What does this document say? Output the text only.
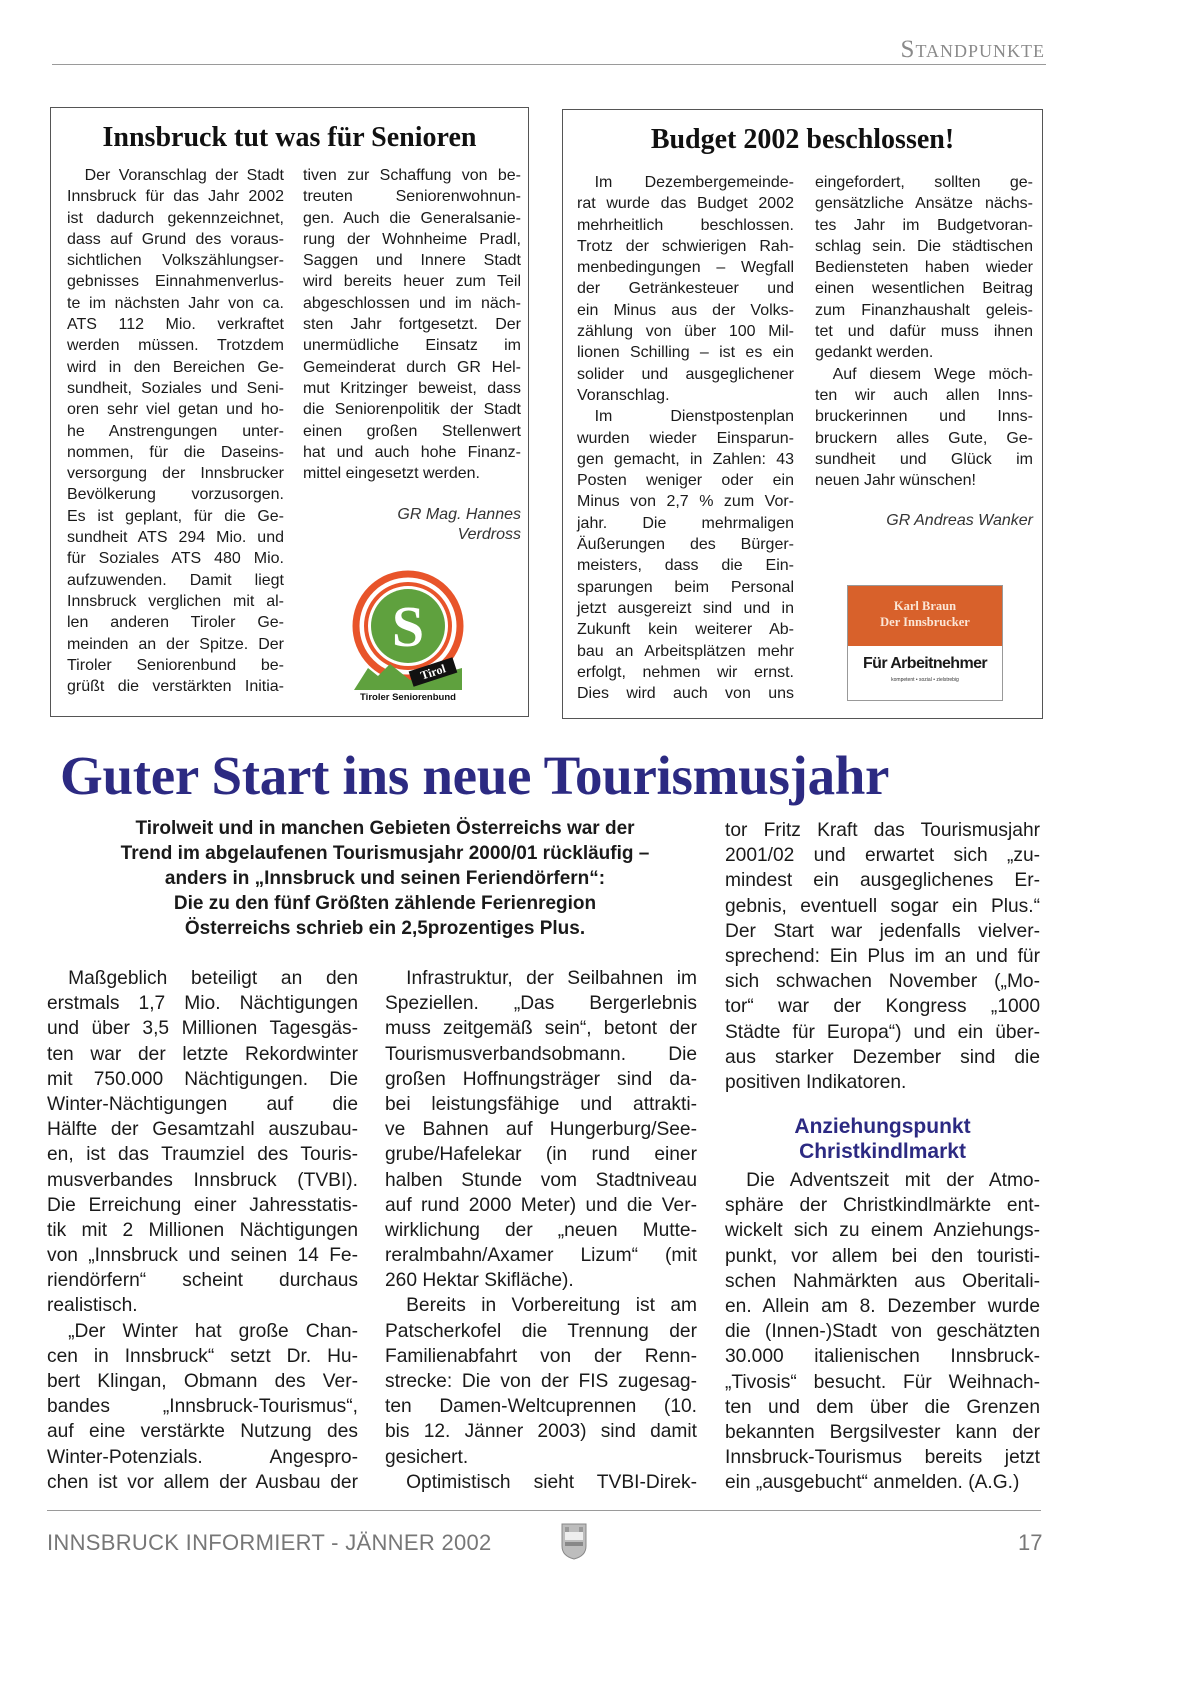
Standpunkte
Innsbruck tut was für Senioren
Der Voranschlag der Stadt
Innsbruck für das Jahr 2002
ist dadurch gekennzeichnet,
dass auf Grund des voraus-
sichtlichen Volkszählungser-
gebnisses Einnahmenverlus-
te im nächsten Jahr von ca.
ATS 112 Mio. verkraftet
werden müssen. Trotzdem
wird in den Bereichen Ge-
sundheit, Soziales und Seni-
oren sehr viel getan und ho-
he Anstrengungen unter-
nommen, für die Daseins-
versorgung der Innsbrucker
Bevölkerung vorzusorgen.
Es ist geplant, für die Ge-
sundheit ATS 294 Mio. und
für Soziales ATS 480 Mio.
aufzuwenden. Damit liegt
Innsbruck verglichen mit al-
len anderen Tiroler Ge-
meinden an der Spitze. Der
Tiroler Seniorenbund be-
grüßt die verstärkten Initia-
tiven zur Schaffung von be-
treuten Seniorenwohnun-
gen. Auch die Generalsanie-
rung der Wohnheime Pradl,
Saggen und Innere Stadt
wird bereits heuer zum Teil
abgeschlossen und im näch-
sten Jahr fortgesetzt. Der
unermüdliche Einsatz im
Gemeinderat durch GR Hel-
mut Kritzinger beweist, dass
die Seniorenpolitik der Stadt
einen großen Stellenwert
hat und auch hohe Finanz-
mittel eingesetzt werden.
GR Mag. Hannes
Verdross
S
Tirol
Tiroler Seniorenbund
Budget 2002 beschlossen!
Im Dezembergemeinde-
rat wurde das Budget 2002
mehrheitlich beschlossen.
Trotz der schwierigen Rah-
menbedingungen – Wegfall
der Getränkesteuer und
ein Minus aus der Volks-
zählung von über 100 Mil-
lionen Schilling – ist es ein
solider und ausgeglichener
Voranschlag.
Im Dienstpostenplan
wurden wieder Einsparun-
gen gemacht, in Zahlen: 43
Posten weniger oder ein
Minus von 2,7 % zum Vor-
jahr. Die mehrmaligen
Äußerungen des Bürger-
meisters, dass die Ein-
sparungen beim Personal
jetzt ausgereizt sind und in
Zukunft kein weiterer Ab-
bau an Arbeitsplätzen mehr
erfolgt, nehmen wir ernst.
Dies wird auch von uns
eingefordert, sollten ge-
gensätzliche Ansätze nächs-
tes Jahr im Budgetvoran-
schlag sein. Die städtischen
Bediensteten haben wieder
einen wesentlichen Beitrag
zum Finanzhaushalt geleis-
tet und dafür muss ihnen
gedankt werden.
Auf diesem Wege möch-
ten wir auch allen Inns-
bruckerinnen und Inns-
bruckern alles Gute, Ge-
sundheit und Glück im
neuen Jahr wünschen!
GR Andreas Wanker
Karl Braun
Der Innsbrucker
Für Arbeitnehmer
kompetent • sozial • zielstrebig
Guter Start ins neue Tourismusjahr
Tirolweit und in manchen Gebieten Österreichs war der
Trend im abgelaufenen Tourismusjahr 2000/01 rückläufig –
anders in „Innsbruck und seinen Feriendörfern“:
Die zu den fünf Größten zählende Ferienregion
Österreichs schrieb ein 2,5prozentiges Plus.
Maßgeblich beteiligt an den
erstmals 1,7 Mio. Nächtigungen
und über 3,5 Millionen Tagesgäs-
ten war der letzte Rekordwinter
mit 750.000 Nächtigungen. Die
Winter-Nächtigungen auf die
Hälfte der Gesamtzahl auszubau-
en, ist das Traumziel des Touris-
musverbandes Innsbruck (TVBI).
Die Erreichung einer Jahresstatis-
tik mit 2 Millionen Nächtigungen
von „Innsbruck und seinen 14 Fe-
riendörfern“ scheint durchaus
realistisch.
„Der Winter hat große Chan-
cen in Innsbruck“ setzt Dr. Hu-
bert Klingan, Obmann des Ver-
bandes „Innsbruck-Tourismus“,
auf eine verstärkte Nutzung des
Winter-Potenzials. Angespro-
chen ist vor allem der Ausbau der
Infrastruktur, der Seilbahnen im
Speziellen. „Das Bergerlebnis
muss zeitgemäß sein“, betont der
Tourismusverbandsobmann. Die
großen Hoffnungsträger sind da-
bei leistungsfähige und attrakti-
ve Bahnen auf Hungerburg/See-
grube/Hafelekar (in rund einer
halben Stunde vom Stadtniveau
auf rund 2000 Meter) und die Ver-
wirklichung der „neuen Mutte-
reralmbahn/Axamer Lizum“ (mit
260 Hektar Skifläche).
Bereits in Vorbereitung ist am
Patscherkofel die Trennung der
Familienabfahrt von der Renn-
strecke: Die von der FIS zugesag-
ten Damen-Weltcuprennen (10.
bis 12. Jänner 2003) sind damit
gesichert.
Optimistisch sieht TVBI-Direk-
tor Fritz Kraft das Tourismusjahr
2001/02 und erwartet sich „zu-
mindest ein ausgeglichenes Er-
gebnis, eventuell sogar ein Plus.“
Der Start war jedenfalls vielver-
sprechend: Ein Plus im an und für
sich schwachen November („Mo-
tor“ war der Kongress „1000
Städte für Europa“) und ein über-
aus starker Dezember sind die
positiven Indikatoren.
Anziehungspunkt
Christkindlmarkt
Die Adventszeit mit der Atmo-
sphäre der Christkindlmärkte ent-
wickelt sich zu einem Anziehungs-
punkt, vor allem bei den touristi-
schen Nahmärkten aus Oberitali-
en. Allein am 8. Dezember wurde
die (Innen-)Stadt von geschätzten
30.000 italienischen Innsbruck-
„Tivosis“ besucht. Für Weihnach-
ten und dem über die Grenzen
bekannten Bergsilvester kann der
Innsbruck-Tourismus bereits jetzt
ein „ausgebucht“ anmelden. (A.G.)
INNSBRUCK INFORMIERT - JÄNNER 2002	17
